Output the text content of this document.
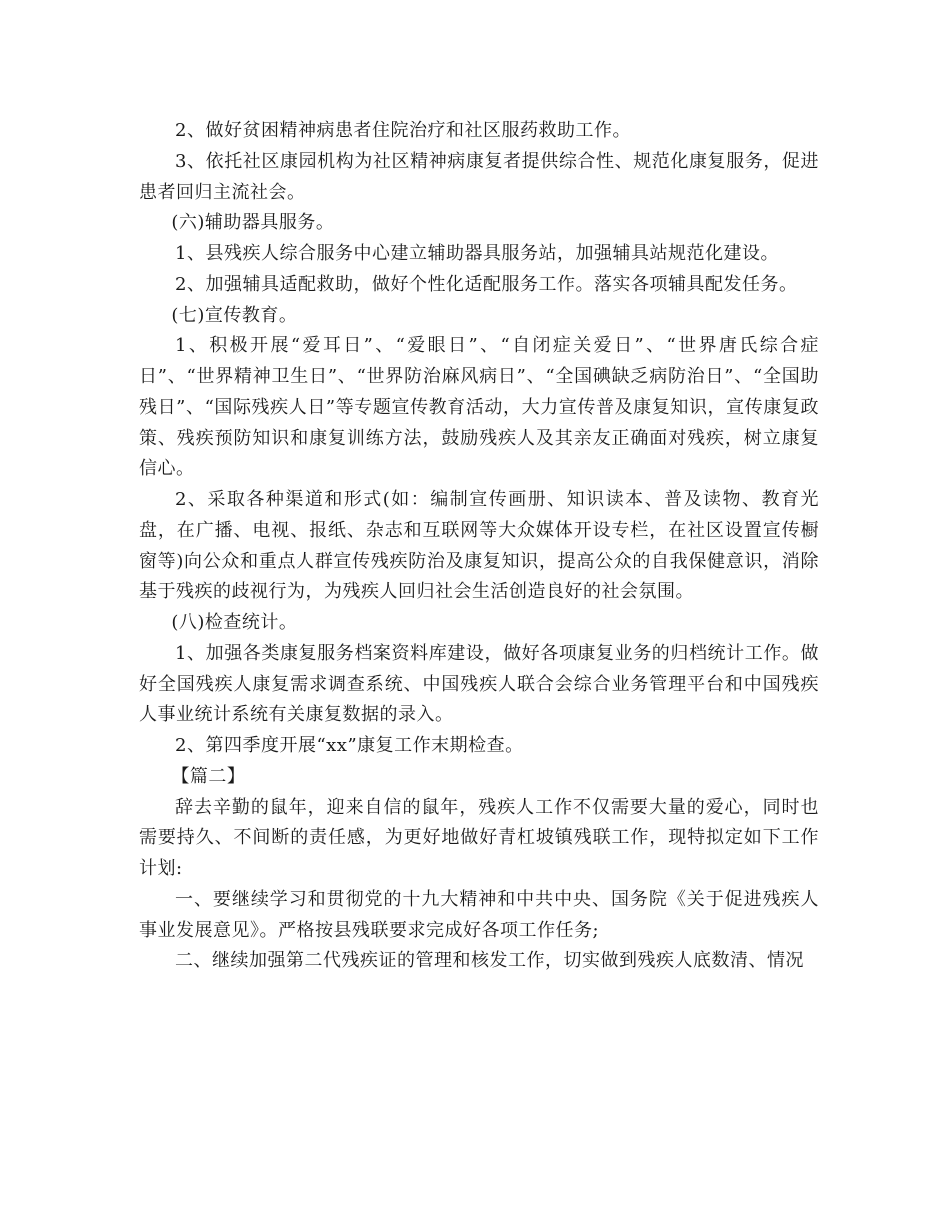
2、做好贫困精神病患者住院治疗和社区服药救助工作。

3、依托社区康园机构为社区精神病康复者提供综合性、规范化康复服务，促进患者回归主流社会。

(六)辅助器具服务。

1、县残疾人综合服务中心建立辅助器具服务站，加强辅具站规范化建设。

2、加强辅具适配救助，做好个性化适配服务工作。落实各项辅具配发任务。

(七)宣传教育。

1、积极开展“爱耳日”、“爱眼日”、“自闭症关爱日”、“世界唐氏综合症日”、“世界精神卫生日”、“世界防治麻风病日”、“全国碘缺乏病防治日”、“全国助残日”、“国际残疾人日”等专题宣传教育活动，大力宣传普及康复知识，宣传康复政策、残疾预防知识和康复训练方法，鼓励残疾人及其亲友正确面对残疾，树立康复信心。

2、采取各种渠道和形式(如：编制宣传画册、知识读本、普及读物、教育光盘，在广播、电视、报纸、杂志和互联网等大众媒体开设专栏，在社区设置宣传橱窗等)向公众和重点人群宣传残疾防治及康复知识，提高公众的自我保健意识，消除基于残疾的歧视行为，为残疾人回归社会生活创造良好的社会氛围。

(八)检查统计。

1、加强各类康复服务档案资料库建设，做好各项康复业务的归档统计工作。做好全国残疾人康复需求调查系统、中国残疾人联合会综合业务管理平台和中国残疾人事业统计系统有关康复数据的录入。

2、第四季度开展“xx”康复工作末期检查。

【篇二】

辞去辛勤的鼠年，迎来自信的鼠年，残疾人工作不仅需要大量的爱心，同时也需要持久、不间断的责任感，为更好地做好青杠坡镇残联工作，现特拟定如下工作计划:

一、要继续学习和贯彻党的十九大精神和中共中央、国务院《关于促进残疾人事业发展意见》。严格按县残联要求完成好各项工作任务;

二、继续加强第二代残疾证的管理和核发工作，切实做到残疾人底数清、情况
